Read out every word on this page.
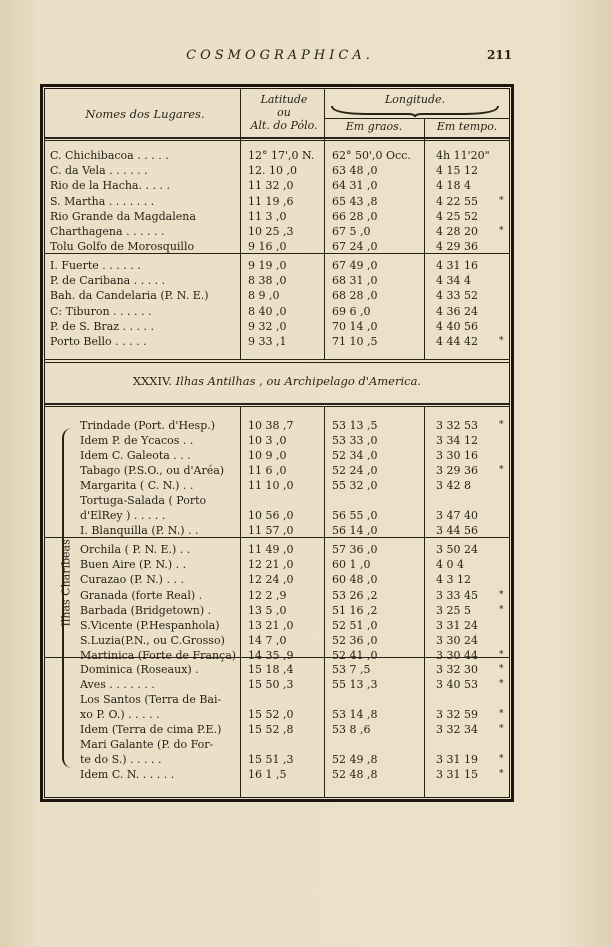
COSMOGRAPHICA.	211
Nomes dos Lugares.
Latitude
ou
Alt. do Pólo.
Longitude.
Em graos.	Em tempo.
C. Chichibacoa . . . . .	12° 17',0 N.	62° 50',0 Occ.	4h 11'20"
C. da Vela . . . . . .	12. 10 ,0	63 48 ,0	4 15 12
Rio de la Hacha. . . . .	11 32 ,0	64 31 ,0	4 18 4
S. Martha . . . . . . .	11 19 ,6	65 43 ,8	4 22 55	*
Rio Grande da Magdalena	11 3 ,0	66 28 ,0	4 25 52
Charthagena . . . . . .	10 25 ,3	67 5 ,0	4 28 20	*
Tolu Golfo de Morosquillo	9 16 ,0	67 24 ,0	4 29 36
I. Fuerte . . . . . .	9 19 ,0	67 49 ,0	4 31 16
P. de Caribana . . . . .	8 38 ,0	68 31 ,0	4 34 4
Bah. da Candelaria (P. N. E.)	8 9 ,0	68 28 ,0	4 33 52
C: Tiburon . . . . . .	8 40 ,0	69 6 ,0	4 36 24
P. de S. Braz . . . . .	9 32 ,0	70 14 ,0	4 40 56
Porto Bello . . . . .	9 33 ,1	71 10 ,5	4 44 42	*
XXXIV. Ilhas Antilhas , ou Archipelago d'America.
Ilhas Charibeas
Trindade (Port. d'Hesp.)	10 38 ,7	53 13 ,5	3 32 53	*
Idem P. de Ycacos . .	10 3 ,0	53 33 ,0	3 34 12
Idem C. Galeota . . .	10 9 ,0	52 34 ,0	3 30 16
Tabago (P.S.O., ou d'Aréa)	11 6 ,0	52 24 ,0	3 29 36	*
Margarita ( C. N.) . .	11 10 ,0	55 32 ,0	3 42 8
Tortuga-Salada ( Porto
d'ElRey ) . . . . .	10 56 ,0	56 55 ,0	3 47 40
I. Blanquilla (P. N.) . .	11 57 ,0	56 14 ,0	3 44 56
Orchila ( P. N. E.) . .	11 49 ,0	57 36 ,0	3 50 24
Buen Aire (P. N.) . .	12 21 ,0	60 1 ,0	4 0 4
Curazao (P. N.) . . .	12 24 ,0	60 48 ,0	4 3 12
Granada (forte Real) .	12 2 ,9	53 26 ,2	3 33 45	*
Barbada (Bridgetown) .	13 5 ,0	51 16 ,2	3 25 5	*
S.Vicente (P.Hespanhola)	13 21 ,0	52 51 ,0	3 31 24
S.Luzia(P.N., ou C.Grosso)	14 7 ,0	52 36 ,0	3 30 24
Martinica (Forte de França)	14 35 ,9	52 41 ,0	3 30 44	*
Dominica (Roseaux) .	15 18 ,4	53 7 ,5	3 32 30	*
Aves . . . . . . .	15 50 ,3	55 13 ,3	3 40 53	*
Los Santos (Terra de Bai-
xo P. O.) . . . . .	15 52 ,0	53 14 ,8	3 32 59	*
Idem (Terra de cima P.E.)	15 52 ,8	53 8 ,6	3 32 34	*
Mari Galante (P. do For-
te do S.) . . . . .	15 51 ,3	52 49 ,8	3 31 19	*
Idem C. N. . . . . .	16 1 ,5	52 48 ,8	3 31 15	*
